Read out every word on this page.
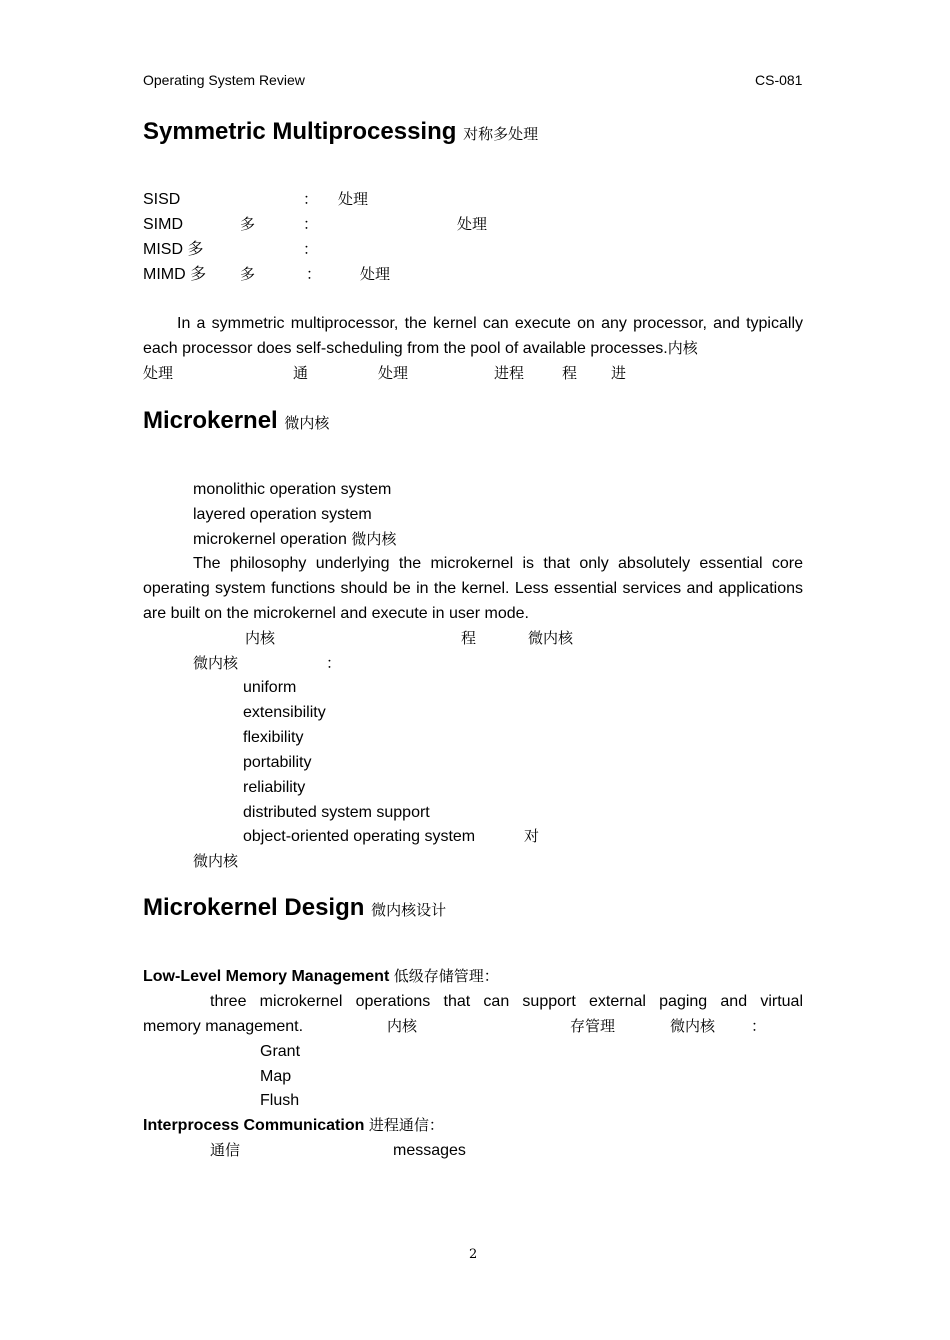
Operating System Review	CS-081
Symmetric Multiprocessing 对称多处理
SISD	： 处理
SIMD	多	：	处理
MISD 多	：
MIMD 多 多	：	处理
In a symmetric multiprocessor, the kernel can execute on any processor, and typically each processor does self-scheduling from the pool of available processes.内核
处理	通	处理	进程	程 进
Microkernel 微内核
monolithic operation system
layered operation system
microkernel operation 微内核
The philosophy underlying the microkernel is that only absolutely essential core operating system functions should be in the kernel. Less essential services and applications are built on the microkernel and execute in user mode.
内核	程	微内核
微内核	：
uniform
extensibility
flexibility
portability
reliability
distributed system support
object-oriented operating system	对
微内核
Microkernel Design 微内核设计
Low-Level Memory Management 低级存储管理：
three microkernel operations that can support external paging and virtual
memory management.	内核	存管理	微内核 ：
Grant
Map
Flush
Interprocess Communication 进程通信：
通信	messages
2
